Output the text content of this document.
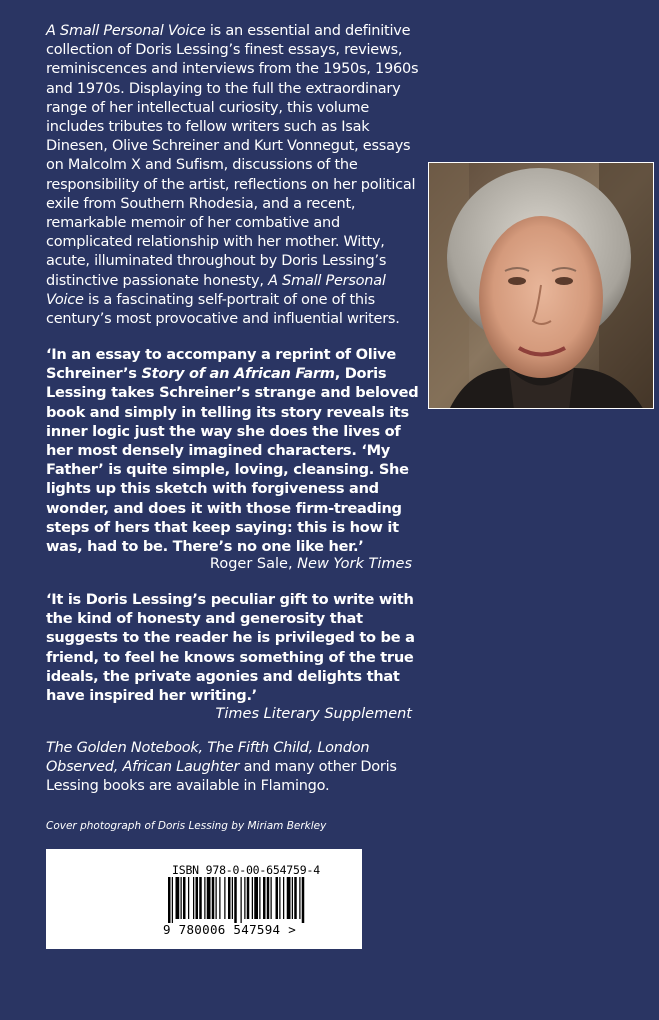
A Small Personal Voice is an essential and definitive collection of Doris Lessing’s finest essays, reviews, reminiscences and interviews from the 1950s, 1960s and 1970s. Displaying to the full the extraordinary range of her intellectual curiosity, this volume includes tributes to fellow writers such as Isak Dinesen, Olive Schreiner and Kurt Vonnegut, essays on Malcolm X and Sufism, discussions of the responsibility of the artist, reflections on her political exile from Southern Rhodesia, and a recent, remarkable memoir of her combative and complicated relationship with her mother. Witty, acute, illuminated throughout by Doris Lessing’s distinctive passionate honesty, A Small Personal Voice is a fascinating self-portrait of one of this century’s most provocative and influential writers.

‘In an essay to accompany a reprint of Olive Schreiner’s Story of an African Farm, Doris Lessing takes Schreiner’s strange and beloved book and simply in telling its story reveals its inner logic just the way she does the lives of her most densely imagined characters. ‘My Father’ is quite simple, loving, cleansing. She lights up this sketch with forgiveness and wonder, and does it with those firm-treading steps of hers that keep saying: this is how it was, had to be. There’s no one like her.’

Roger Sale, New York Times

‘It is Doris Lessing’s peculiar gift to write with the kind of honesty and generosity that suggests to the reader he is privileged to be a friend, to feel he knows something of the true ideals, the private agonies and delights that have inspired her writing.’

Times Literary Supplement

The Golden Notebook, The Fifth Child, London Observed, African Laughter and many other Doris Lessing books are available in Flamingo.

Cover photograph of Doris Lessing by Miriam Berkley
ISBN 978-0-00-654759-4
9 780006 547594 >
